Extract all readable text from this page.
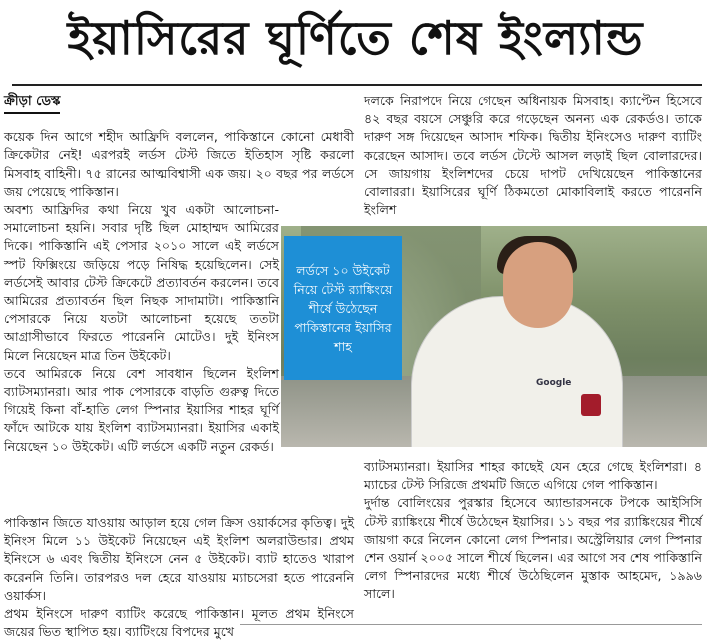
ইয়াসিরের ঘূর্ণিতে শেষ ইংল্যান্ড
ক্রীড়া ডেস্ক

কয়েক দিন আগে শহীদ আফ্রিদি বললেন, পাকিস্তানে কোনো মেধাবী ক্রিকেটার নেই! এরপরই লর্ডস টেস্ট জিতে ইতিহাস সৃষ্টি করলো মিসবাহ বাহিনী। ৭৫ রানের আত্মবিশ্বাসী এক জয়। ২০ বছর পর লর্ডসে জয় পেয়েছে পাকিস্তান।

অবশ্য আফ্রিদির কথা নিয়ে খুব একটা আলোচনা-সমালোচনা হয়নি। সবার দৃষ্টি ছিল মোহাম্মদ আমিরের দিকে। পাকিস্তানি এই পেসার ২০১০ সালে এই লর্ডসে স্পট ফিক্সিংয়ে জড়িয়ে পড়ে নিষিদ্ধ হয়েছিলেন। সেই লর্ডসেই আবার টেস্ট ক্রিকেটে প্রত্যাবর্তন করলেন। তবে আমিরের প্রত্যাবর্তন ছিল নিছক সাদামাটা। পাকিস্তানি পেসারকে নিয়ে যতটা আলোচনা হয়েছে ততটা আগ্রাসীভাবে ফিরতে পারেননি মোটেও। দুই ইনিংস মিলে নিয়েছেন মাত্র তিন উইকেট।

তবে আমিরকে নিয়ে বেশ সাবধান ছিলেন ইংলিশ ব্যাটসম্যানরা। আর পাক পেসারকে বাড়তি গুরুত্ব দিতে গিয়েই কিনা বাঁ-হাতি লেগ স্পিনার ইয়াসির শাহর ঘূর্ণি ফাঁদে আটকে যায় ইংলিশ ব্যাটসম্যানরা। ইয়াসির একাই নিয়েছেন ১০ উইকেট। এটি লর্ডসে একটি নতুন রেকর্ড।

পাকিস্তান জিতে যাওয়ায় আড়াল হয়ে গেল ক্রিস ওয়ার্কসের কৃতিত্ব। দুই ইনিংস মিলে ১১ উইকেট নিয়েছেন এই ইংলিশ অলরাউন্ডার। প্রথম ইনিংসে ৬ এবং দ্বিতীয় ইনিংসে নেন ৫ উইকেট। ব্যাট হাতেও খারাপ করেননি তিনি। তারপরও দল হেরে যাওয়ায় ম্যাচসেরা হতে পারেননি ওয়ার্কস।

প্রথম ইনিংসে দারুণ ব্যাটিং করেছে পাকিস্তান। মূলত প্রথম ইনিংসে জয়ের ভিত স্থাপিত হয়। ব্যাটিংয়ে বিপদের মুখে

দলকে নিরাপদে নিয়ে গেছেন অধিনায়ক মিসবাহ। ক্যাপ্টেন হিসেবে ৪২ বছর বয়সে সেঞ্চুরি করে গড়েছেন অনন্য এক রেকর্ডও। তাকে দারুণ সঙ্গ দিয়েছেন আসাদ শফিক। দ্বিতীয় ইনিংসেও দারুণ ব্যাটিং করেছেন আসাদ। তবে লর্ডস টেস্টে আসল লড়াই ছিল বোলারদের। সে জায়গায় ইংলিশদের চেয়ে দাপট দেখিয়েছেন পাকিস্তানের বোলাররা। ইয়াসিরের ঘূর্ণি ঠিকমতো মোকাবিলাই করতে পারেননি ইংলিশ

Google
লর্ডসে ১০ উইকেট নিয়ে টেস্ট র‍্যাঙ্কিংয়ে শীর্ষে উঠেছেন পাকিস্তানের ইয়াসির শাহ

ব্যাটসম্যানরা। ইয়াসির শাহর কাছেই যেন হেরে গেছে ইংলিশরা। ৪ ম্যাচের টেস্ট সিরিজে প্রথমটি জিতে এগিয়ে গেল পাকিস্তান।

দুর্দান্ত বোলিংয়ের পুরস্কার হিসেবে অ্যান্ডারসনকে টপকে আইসিসি টেস্ট র‍্যাঙ্কিংয়ে শীর্ষে উঠেছেন ইয়াসির। ১১ বছর পর র‍্যাঙ্কিংয়ের শীর্ষে জায়গা করে নিলেন কোনো লেগ স্পিনার। অস্ট্রেলিয়ার লেগ স্পিনার শেন ওয়ার্ন ২০০৫ সালে শীর্ষে ছিলেন। এর আগে সব শেষ পাকিস্তানি লেগ স্পিনারদের মধ্যে শীর্ষে উঠেছিলেন মুস্তাক আহমেদ, ১৯৯৬ সালে।
